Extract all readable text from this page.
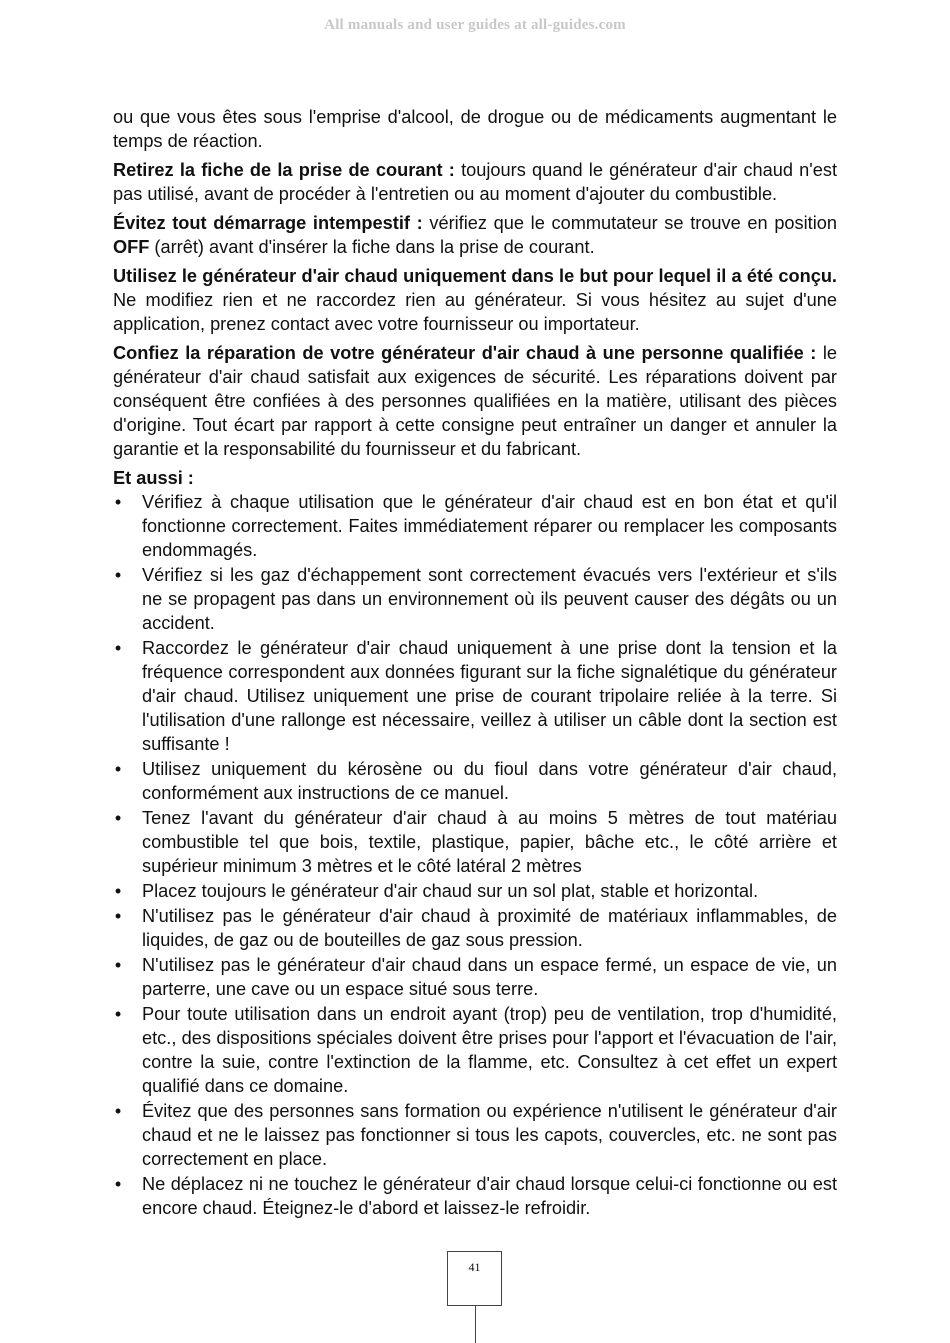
All manuals and user guides at all-guides.com

ou que vous êtes sous l'emprise d'alcool, de drogue ou de médicaments augmentant le temps de réaction.

Retirez la fiche de la prise de courant : toujours quand le générateur d'air chaud n'est pas utilisé, avant de procéder à l'entretien ou au moment d'ajouter du combustible.

Évitez tout démarrage intempestif : vérifiez que le commutateur se trouve en position OFF (arrêt) avant d'insérer la fiche dans la prise de courant.

Utilisez le générateur d'air chaud uniquement dans le but pour lequel il a été conçu. Ne modifiez rien et ne raccordez rien au générateur. Si vous hésitez au sujet d'une application, prenez contact avec votre fournisseur ou importateur.

Confiez la réparation de votre générateur d'air chaud à une personne qualifiée : le générateur d'air chaud satisfait aux exigences de sécurité. Les réparations doivent par conséquent être confiées à des personnes qualifiées en la matière, utilisant des pièces d'origine. Tout écart par rapport à cette consigne peut entraîner un danger et annuler la garantie et la responsabilité du fournisseur et du fabricant.

Et aussi :

• Vérifiez à chaque utilisation que le générateur d'air chaud est en bon état et qu'il fonctionne correctement. Faites immédiatement réparer ou remplacer les composants endommagés.
• Vérifiez si les gaz d'échappement sont correctement évacués vers l'extérieur et s'ils ne se propagent pas dans un environnement où ils peuvent causer des dégâts ou un accident.
• Raccordez le générateur d'air chaud uniquement à une prise dont la tension et la fréquence correspondent aux données figurant sur la fiche signalétique du générateur d'air chaud. Utilisez uniquement une prise de courant tripolaire reliée à la terre. Si l'utilisation d'une rallonge est nécessaire, veillez à utiliser un câble dont la section est suffisante !
• Utilisez uniquement du kérosène ou du fioul dans votre générateur d'air chaud, conformément aux instructions de ce manuel.
• Tenez l'avant du générateur d'air chaud à au moins 5 mètres de tout matériau combustible tel que bois, textile, plastique, papier, bâche etc., le côté arrière et supérieur minimum 3 mètres et le côté latéral 2 mètres
• Placez toujours le générateur d'air chaud sur un sol plat, stable et horizontal.
• N'utilisez pas le générateur d'air chaud à proximité de matériaux inflammables, de liquides, de gaz ou de bouteilles de gaz sous pression.
• N'utilisez pas le générateur d'air chaud dans un espace fermé, un espace de vie, un parterre, une cave ou un espace situé sous terre.
• Pour toute utilisation dans un endroit ayant (trop) peu de ventilation, trop d'humidité, etc., des dispositions spéciales doivent être prises pour l'apport et l'évacuation de l'air, contre la suie, contre l'extinction de la flamme, etc. Consultez à cet effet un expert qualifié dans ce domaine.
• Évitez que des personnes sans formation ou expérience n'utilisent le générateur d'air chaud et ne le laissez pas fonctionner si tous les capots, couvercles, etc. ne sont pas correctement en place.
• Ne déplacez ni ne touchez le générateur d'air chaud lorsque celui-ci fonctionne ou est encore chaud. Éteignez-le d'abord et laissez-le refroidir.
41
